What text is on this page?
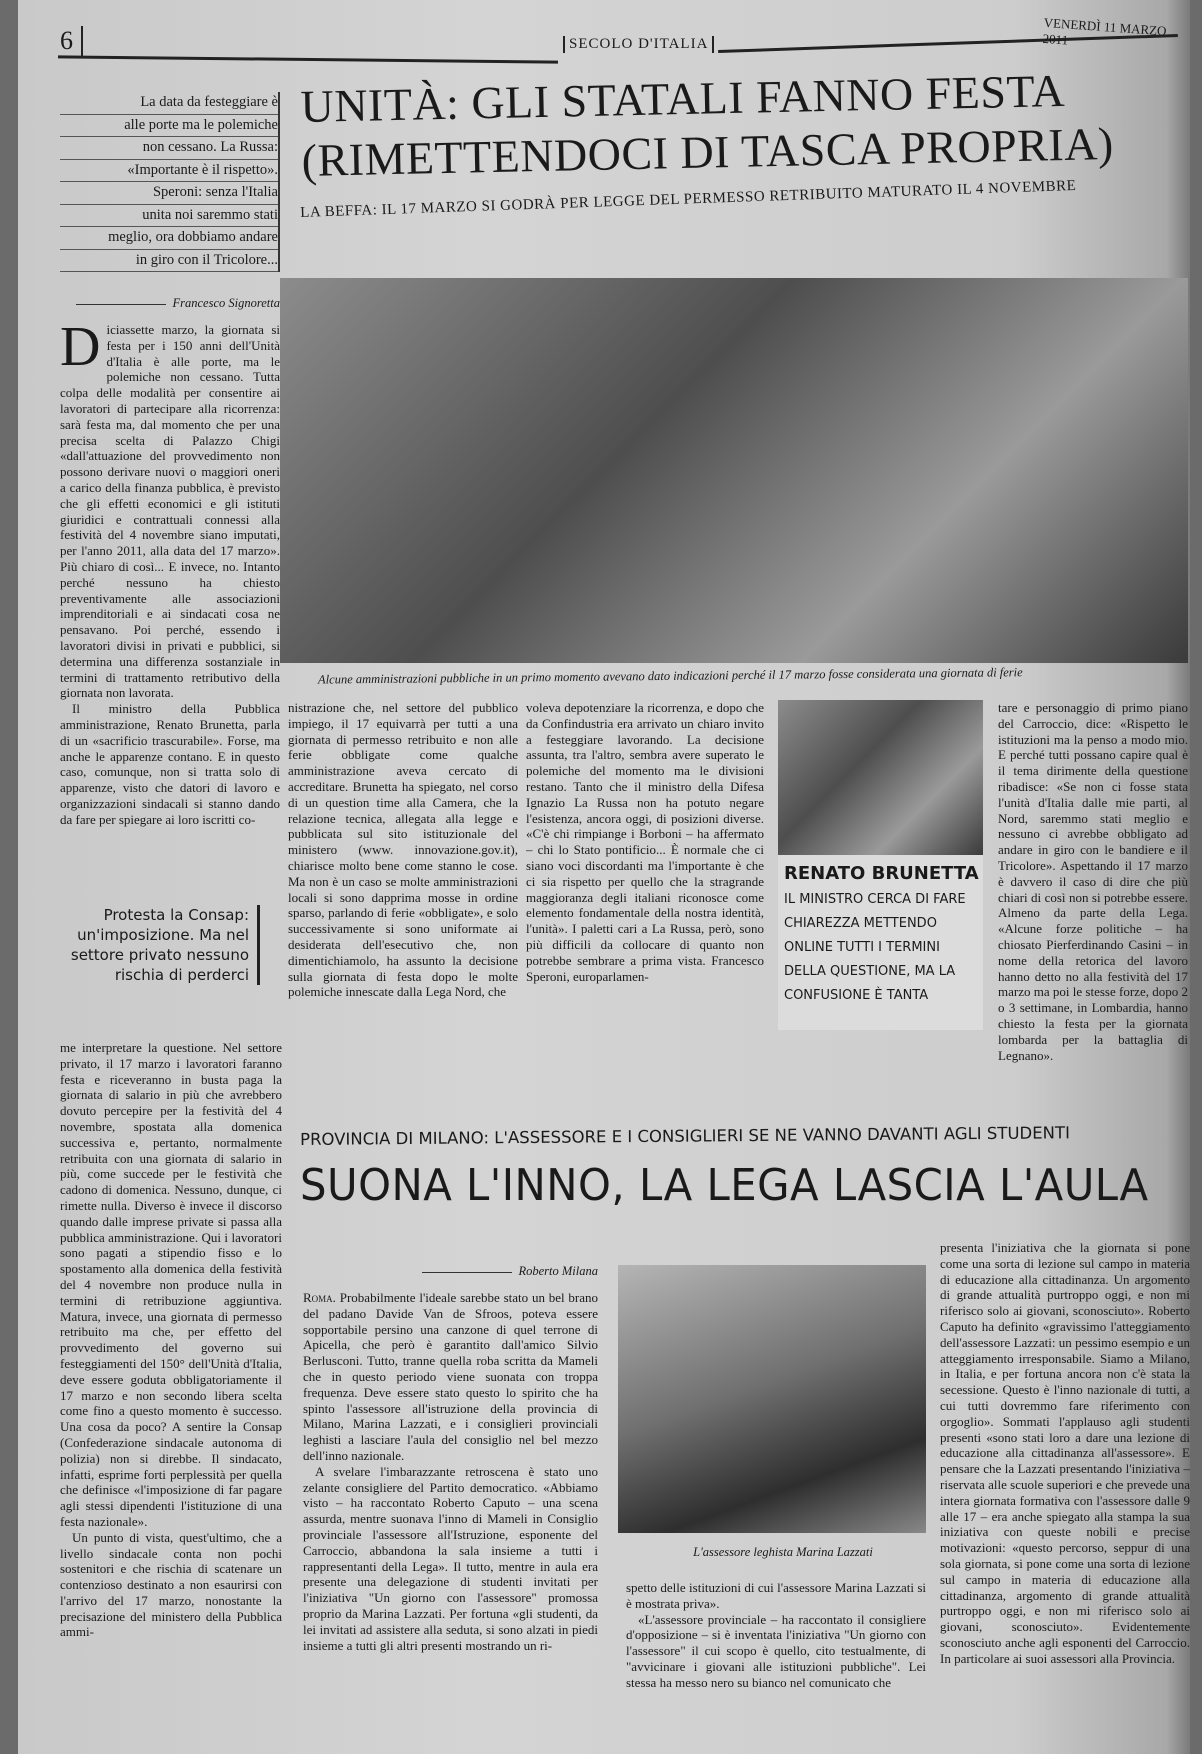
6	SECOLO D'ITALIA
VENERDÌ 11 MARZO 2011
La data da festeggiare è
alle porte ma le polemiche
non cessano. La Russa:
«Importante è il rispetto».
Speroni: senza l'Italia
unita noi saremmo stati
meglio, ora dobbiamo andare
in giro con il Tricolore...
UNITÀ: GLI STATALI FANNO FESTA
(RIMETTENDOCI DI TASCA PROPRIA)
LA BEFFA: IL 17 MARZO SI GODRÀ PER LEGGE DEL PERMESSO RETRIBUITO MATURATO IL 4 NOVEMBRE
Francesco Signoretta
Alcune amministrazioni pubbliche in un primo momento avevano dato indicazioni perché il 17 marzo fosse considerata una giornata di ferie
D iciassette marzo, la giornata si festa per i 150 anni dell'Unità d'Italia è alle porte, ma le polemiche non cessano. Tutta colpa delle modalità per consentire ai lavoratori di partecipare alla ricorrenza: sarà festa ma, dal momento che per una precisa scelta di Palazzo Chigi «dall'attuazione del provvedimento non possono derivare nuovi o maggiori oneri a carico della finanza pubblica, è previsto che gli effetti economici e gli istituti giuridici e contrattuali connessi alla festività del 4 novembre siano imputati, per l'anno 2011, alla data del 17 marzo». Più chiaro di così... E invece, no. Intanto perché nessuno ha chiesto preventivamente alle associazioni imprenditoriali e ai sindacati cosa ne pensavano. Poi perché, essendo i lavoratori divisi in privati e pubblici, si determina una differenza sostanziale in termini di trattamento retributivo della giornata non lavorata.

Il ministro della Pubblica amministrazione, Renato Brunetta, parla di un «sacrificio trascurabile». Forse, ma anche le apparenze contano. E in questo caso, comunque, non si tratta solo di apparenze, visto che datori di lavoro e organizzazioni sindacali si stanno dando da fare per spiegare ai loro iscritti co-

Protesta la Consap: un'imposizione. Ma nel settore privato nessuno rischia di perderci

me interpretare la questione. Nel settore privato, il 17 marzo i lavoratori faranno festa e riceveranno in busta paga la giornata di salario in più che avrebbero dovuto percepire per la festività del 4 novembre, spostata alla domenica successiva e, pertanto, normalmente retribuita con una giornata di salario in più, come succede per le festività che cadono di domenica. Nessuno, dunque, ci rimette nulla. Diverso è invece il discorso quando dalle imprese private si passa alla pubblica amministrazione. Qui i lavoratori sono pagati a stipendio fisso e lo spostamento alla domenica della festività del 4 novembre non produce nulla in termini di retribuzione aggiuntiva. Matura, invece, una giornata di permesso retribuito ma che, per effetto del provvedimento del governo sui festeggiamenti del 150° dell'Unità d'Italia, deve essere goduta obbligatoriamente il 17 marzo e non secondo libera scelta come fino a questo momento è successo. Una cosa da poco? A sentire la Consap (Confederazione sindacale autonoma di polizia) non si direbbe. Il sindacato, infatti, esprime forti perplessità per quella che definisce «l'imposizione di far pagare agli stessi dipendenti l'istituzione di una festa nazionale».

Un punto di vista, quest'ultimo, che a livello sindacale conta non pochi sostenitori e che rischia di scatenare un contenzioso destinato a non esaurirsi con l'arrivo del 17 marzo, nonostante la precisazione del ministero della Pubblica ammi-

nistrazione che, nel settore del pubblico impiego, il 17 equivarrà per tutti a una giornata di permesso retribuito e non alle ferie obbligate come qualche amministrazione aveva cercato di accreditare. Brunetta ha spiegato, nel corso di un question time alla Camera, che la relazione tecnica, allegata alla legge e pubblicata sul sito istituzionale del ministero (www. innovazione.gov.it), chiarisce molto bene come stanno le cose. Ma non è un caso se molte amministrazioni locali si sono dapprima mosse in ordine sparso, parlando di ferie «obbligate», e solo successivamente si sono uniformate ai desiderata dell'esecutivo che, non dimentichiamolo, ha assunto la decisione sulla giornata di festa dopo le molte polemiche innescate dalla Lega Nord, che

voleva depotenziare la ricorrenza, e dopo che da Confindustria era arrivato un chiaro invito a festeggiare lavorando. La decisione assunta, tra l'altro, sembra avere superato le polemiche del momento ma le divisioni restano. Tanto che il ministro della Difesa Ignazio La Russa non ha potuto negare l'esistenza, ancora oggi, di posizioni diverse. «C'è chi rimpiange i Borboni – ha affermato – chi lo Stato pontificio... È normale che ci siano voci discordanti ma l'importante è che ci sia rispetto per quello che la stragrande maggioranza degli italiani riconosce come elemento fondamentale della nostra identità, l'unità». I paletti cari a La Russa, però, sono più difficili da collocare di quanto non potrebbe sembrare a prima vista. Francesco Speroni, europarlamen-

RENATO BRUNETTA
IL MINISTRO CERCA DI FARE CHIAREZZA METTENDO ONLINE TUTTI I TERMINI DELLA QUESTIONE, MA LA CONFUSIONE È TANTA

tare e personaggio di primo piano del Carroccio, dice: «Rispetto le istituzioni ma la penso a modo mio. E perché tutti possano capire qual è il tema dirimente della questione ribadisce: «Se non ci fosse stata l'unità d'Italia dalle mie parti, al Nord, saremmo stati meglio e nessuno ci avrebbe obbligato ad andare in giro con le bandiere e il Tricolore». Aspettando il 17 marzo è davvero il caso di dire che più chiari di così non si potrebbe essere. Almeno da parte della Lega. «Alcune forze politiche – ha chiosato Pierferdinando Casini – in nome della retorica del lavoro hanno detto no alla festività del 17 marzo ma poi le stesse forze, dopo 2 o 3 settimane, in Lombardia, hanno chiesto la festa per la giornata lombarda per la battaglia di Legnano».

PROVINCIA DI MILANO: L'ASSESSORE E I CONSIGLIERI SE NE VANNO DAVANTI AGLI STUDENTI
SUONA L'INNO, LA LEGA LASCIA L'AULA
Roberto Milana

Roma. Probabilmente l'ideale sarebbe stato un bel brano del padano Davide Van de Sfroos, poteva essere sopportabile persino una canzone di quel terrone di Apicella, che però è garantito dall'amico Silvio Berlusconi. Tutto, tranne quella roba scritta da Mameli che in questo periodo viene suonata con troppa frequenza. Deve essere stato questo lo spirito che ha spinto l'assessore all'istruzione della provincia di Milano, Marina Lazzati, e i consiglieri provinciali leghisti a lasciare l'aula del consiglio nel bel mezzo dell'inno nazionale.

A svelare l'imbarazzante retroscena è stato uno zelante consigliere del Partito democratico. «Abbiamo visto – ha raccontato Roberto Caputo – una scena assurda, mentre suonava l'inno di Mameli in Consiglio provinciale l'assessore all'Istruzione, esponente del Carroccio, abbandona la sala insieme a tutti i rappresentanti della Lega». Il tutto, mentre in aula era presente una delegazione di studenti invitati per l'iniziativa "Un giorno con l'assessore" promossa proprio da Marina Lazzati. Per fortuna «gli studenti, da lei invitati ad assistere alla seduta, si sono alzati in piedi insieme a tutti gli altri presenti mostrando un ri-

L'assessore leghista Marina Lazzati

spetto delle istituzioni di cui l'assessore Marina Lazzati si è mostrata priva».

«L'assessore provinciale – ha raccontato il consigliere d'opposizione – si è inventata l'iniziativa "Un giorno con l'assessore" il cui scopo è quello, cito testualmente, di "avvicinare i giovani alle istituzioni pubbliche". Lei stessa ha messo nero su bianco nel comunicato che

presenta l'iniziativa che la giornata si pone come una sorta di lezione sul campo in materia di educazione alla cittadinanza. Un argomento di grande attualità purtroppo oggi, e non mi riferisco solo ai giovani, sconosciuto». Roberto Caputo ha definito «gravissimo l'atteggiamento dell'assessore Lazzati: un pessimo esempio e un atteggiamento irresponsabile. Siamo a Milano, in Italia, e per fortuna ancora non c'è stata la secessione. Questo è l'inno nazionale di tutti, a cui tutti dovremmo fare riferimento con orgoglio». Sommati l'applauso agli studenti presenti «sono stati loro a dare una lezione di educazione alla cittadinanza all'assessore». E pensare che la Lazzati presentando l'iniziativa – riservata alle scuole superiori e che prevede una intera giornata formativa con l'assessore dalle 9 alle 17 – era anche spiegato alla stampa la sua iniziativa con queste nobili e precise motivazioni: «questo percorso, seppur di una sola giornata, si pone come una sorta di lezione sul campo in materia di educazione alla cittadinanza, argomento di grande attualità purtroppo oggi, e non mi riferisco solo ai giovani, sconosciuto». Evidentemente sconosciuto anche agli esponenti del Carroccio. In particolare ai suoi assessori alla Provincia.
